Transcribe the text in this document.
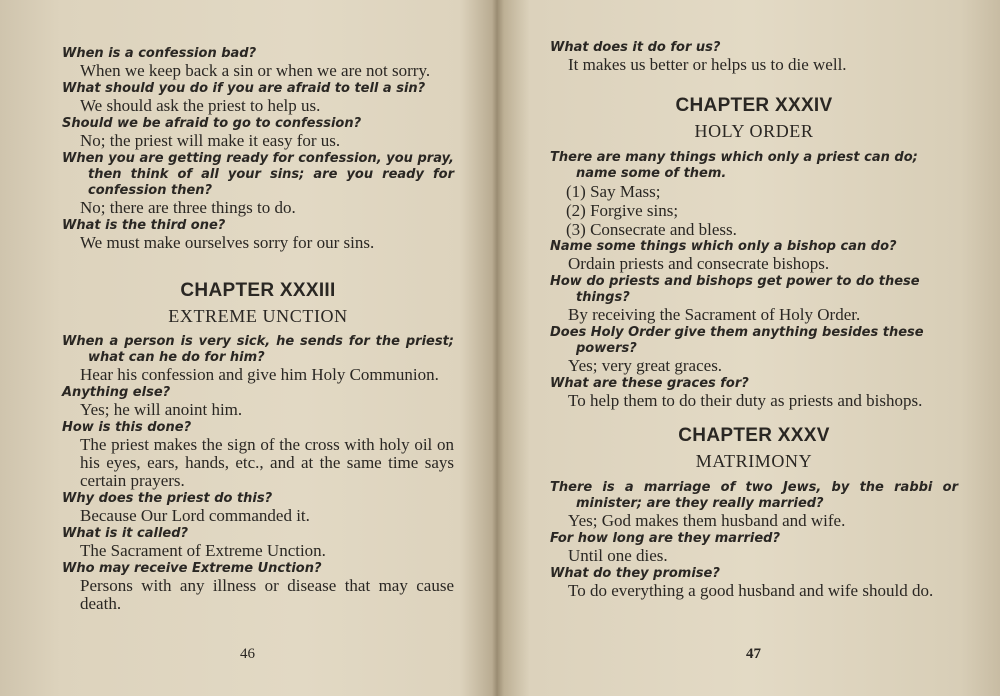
When is a confession bad?

When we keep back a sin or when we are not sorry.

What should you do if you are afraid to tell a sin?

We should ask the priest to help us.

Should we be afraid to go to confession?

No; the priest will make it easy for us.

When you are getting ready for confession, you pray, then think of all your sins; are you ready for confession then?

No; there are three things to do.

What is the third one?

We must make ourselves sorry for our sins.

CHAPTER XXXIII

EXTREME UNCTION

When a person is very sick, he sends for the priest; what can he do for him?

Hear his confession and give him Holy Communion.

Anything else?

Yes; he will anoint him.

How is this done?

The priest makes the sign of the cross with holy oil on his eyes, ears, hands, etc., and at the same time says certain prayers.

Why does the priest do this?

Because Our Lord commanded it.

What is it called?

The Sacrament of Extreme Unction.

Who may receive Extreme Unction?

Persons with any illness or disease that may cause death.

46

What does it do for us?

It makes us better or helps us to die well.

CHAPTER XXXIV

HOLY ORDER

There are many things which only a priest can do; name some of them.

(1) Say Mass;

(2) Forgive sins;

(3) Consecrate and bless.

Name some things which only a bishop can do?

Ordain priests and consecrate bishops.

How do priests and bishops get power to do these things?

By receiving the Sacrament of Holy Order.

Does Holy Order give them anything besides these powers?

Yes; very great graces.

What are these graces for?

To help them to do their duty as priests and bishops.

CHAPTER XXXV

MATRIMONY

There is a marriage of two Jews, by the rabbi or minister; are they really married?

Yes; God makes them husband and wife.

For how long are they married?

Until one dies.

What do they promise?

To do everything a good husband and wife should do.

47
